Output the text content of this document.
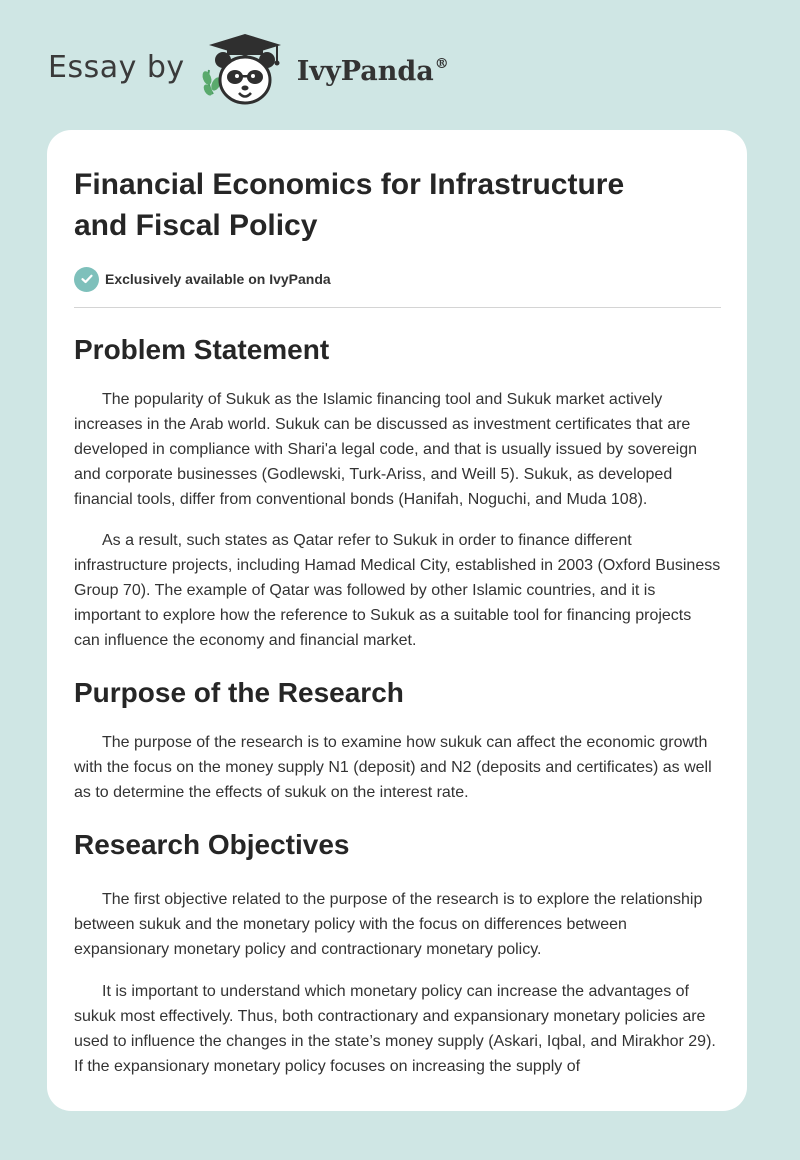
Essay by	IvyPanda®
Financial Economics for Infrastructure
and Fiscal Policy
Exclusively available on IvyPanda
Problem Statement

The popularity of Sukuk as the Islamic financing tool and Sukuk market actively increases in the Arab world. Sukuk can be discussed as investment certificates that are developed in compliance with Shari'a legal code, and that is usually issued by sovereign and corporate businesses (Godlewski, Turk-Ariss, and Weill 5). Sukuk, as developed financial tools, differ from conventional bonds (Hanifah, Noguchi, and Muda 108).

As a result, such states as Qatar refer to Sukuk in order to finance different infrastructure projects, including Hamad Medical City, established in 2003 (Oxford Business Group 70). The example of Qatar was followed by other Islamic countries, and it is important to explore how the reference to Sukuk as a suitable tool for financing projects can influence the economy and financial market.

Purpose of the Research

The purpose of the research is to examine how sukuk can affect the economic growth with the focus on the money supply N1 (deposit) and N2 (deposits and certificates) as well as to determine the effects of sukuk on the interest rate.

Research Objectives

The first objective related to the purpose of the research is to explore the relationship between sukuk and the monetary policy with the focus on differences between expansionary monetary policy and contractionary monetary policy.

It is important to understand which monetary policy can increase the advantages of sukuk most effectively. Thus, both contractionary and expansionary monetary policies are used to influence the changes in the state’s money supply (Askari, Iqbal, and Mirakhor 29). If the expansionary monetary policy focuses on increasing the supply of
